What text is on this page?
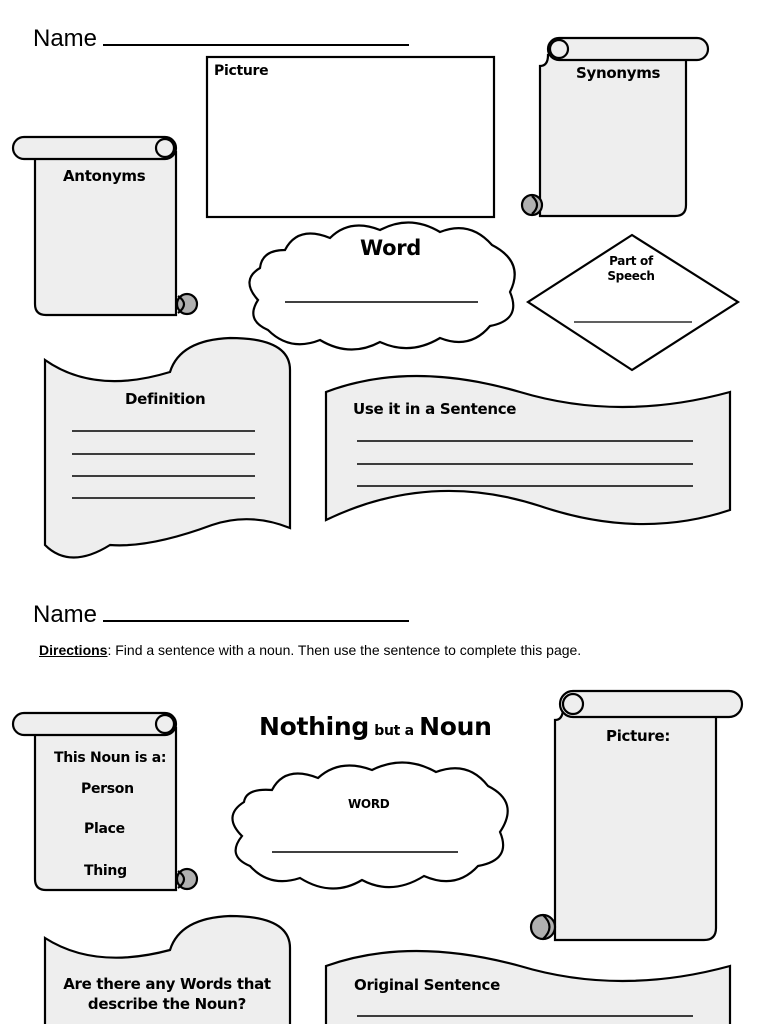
Name
Picture	Synonyms
Antonyms
Word
Part of
Speech
Definition
Use it in a Sentence
Name
Directions: Find a sentence with a noun. Then use the sentence to complete this page.
Nothing but a Noun
This Noun is a:
Person
Place
Thing
WORD
Picture:
Are there any Words that
describe the Noun?
Original Sentence
